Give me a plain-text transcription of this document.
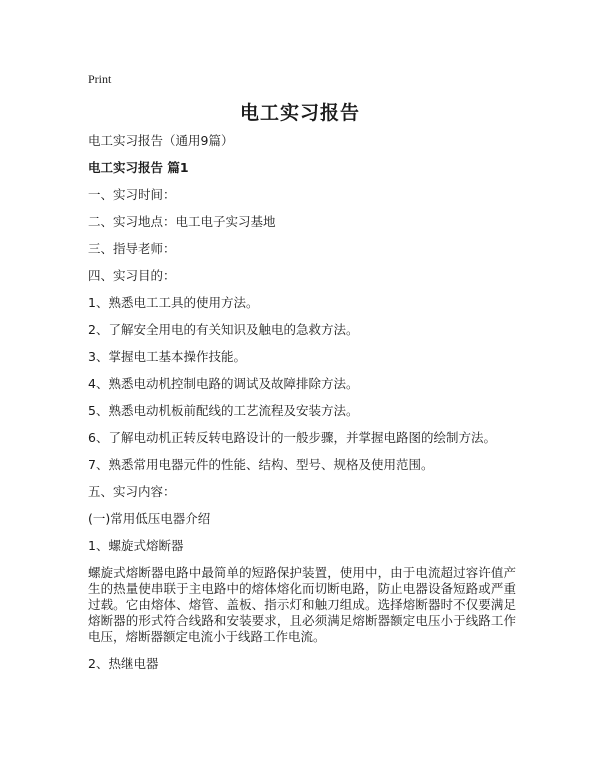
Print
电工实习报告

电工实习报告（通用9篇）

电工实习报告 篇1

一、实习时间：

二、实习地点：电工电子实习基地

三、指导老师：

四、实习目的：

1、熟悉电工工具的使用方法。

2、了解安全用电的有关知识及触电的急救方法。

3、掌握电工基本操作技能。

4、熟悉电动机控制电路的调试及故障排除方法。

5、熟悉电动机板前配线的工艺流程及安装方法。

6、了解电动机正转反转电路设计的一般步骤，并掌握电路图的绘制方法。

7、熟悉常用电器元件的性能、结构、型号、规格及使用范围。

五、实习内容：

(一)常用低压电器介绍

1、螺旋式熔断器

螺旋式熔断器电路中最简单的短路保护装置，使用中，由于电流超过容许值产生的热量使串联于主电路中的熔体熔化而切断电路，防止电器设备短路或严重过载。它由熔体、熔管、盖板、指示灯和触刀组成。选择熔断器时不仅要满足熔断器的形式符合线路和安装要求，且必须满足熔断器额定电压小于线路工作电压，熔断器额定电流小于线路工作电流。

2、热继电器
